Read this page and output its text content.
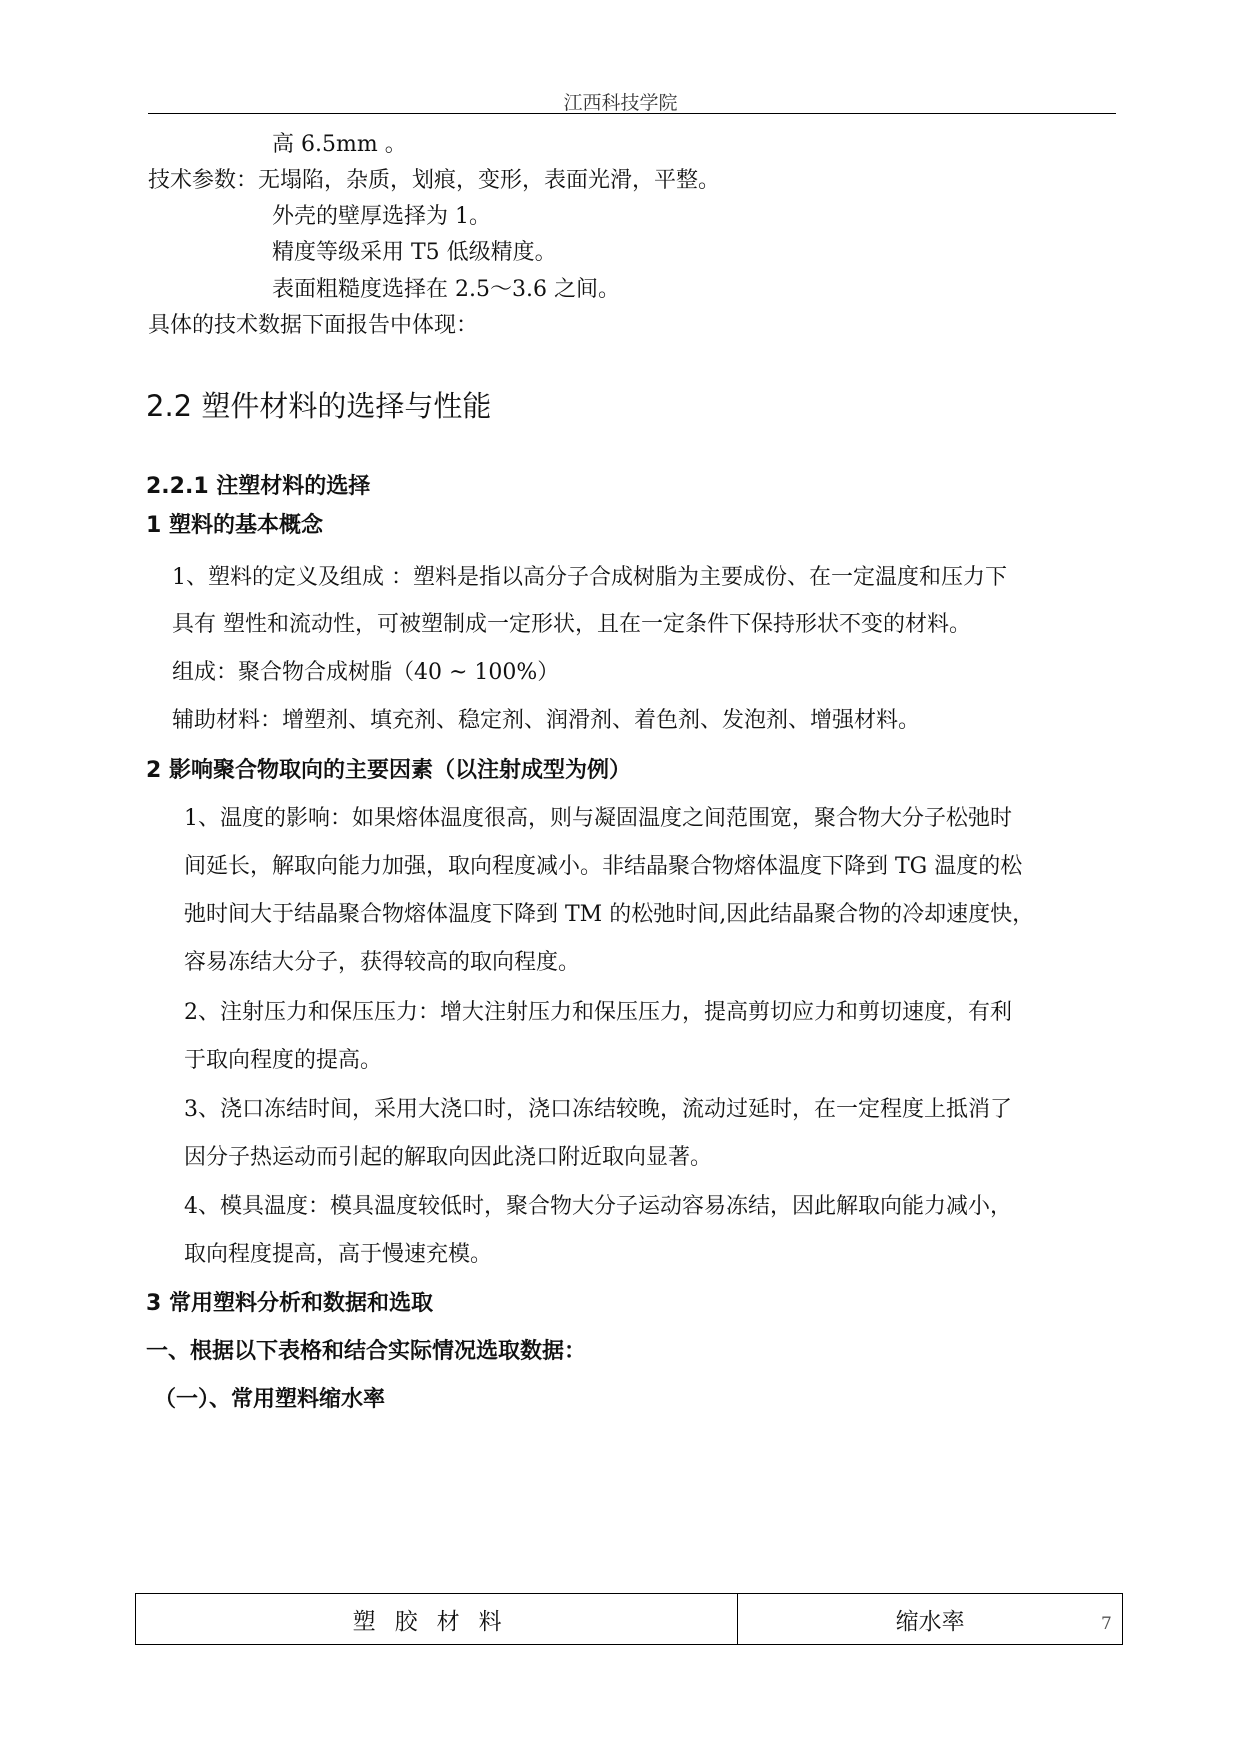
江西科技学院
高 6.5mm 。
技术参数：无塌陷，杂质，划痕，变形，表面光滑，平整。
外壳的壁厚选择为 1。
精度等级采用 T5 低级精度。
表面粗糙度选择在 2.5～3.6 之间。
具体的技术数据下面报告中体现：
2.2 塑件材料的选择与性能
2.2.1 注塑材料的选择
1 塑料的基本概念
1、塑料的定义及组成 ：塑料是指以高分子合成树脂为主要成份、在一定温度和压力下
具有 塑性和流动性，可被塑制成一定形状，且在一定条件下保持形状不变的材料。
组成：聚合物合成树脂（40 ~ 100%）
辅助材料：增塑剂、填充剂、稳定剂、润滑剂、着色剂、发泡剂、增强材料。
2 影响聚合物取向的主要因素（以注射成型为例）
1、温度的影响：如果熔体温度很高，则与凝固温度之间范围宽，聚合物大分子松弛时
间延长，解取向能力加强，取向程度减小。非结晶聚合物熔体温度下降到 TG 温度的松
弛时间大于结晶聚合物熔体温度下降到 TM 的松弛时间,因此结晶聚合物的冷却速度快，
容易冻结大分子，获得较高的取向程度。
2、注射压力和保压压力：增大注射压力和保压压力，提高剪切应力和剪切速度，有利
于取向程度的提高。
3、浇口冻结时间，采用大浇口时，浇口冻结较晚，流动过延时，在一定程度上抵消了
因分子热运动而引起的解取向因此浇口附近取向显著。
4、模具温度：模具温度较低时，聚合物大分子运动容易冻结，因此解取向能力减小，
取向程度提高，高于慢速充模。
3 常用塑料分析和数据和选取
一、根据以下表格和结合实际情况选取数据：
（一）、常用塑料缩水率
塑胶材料	缩水率	7
